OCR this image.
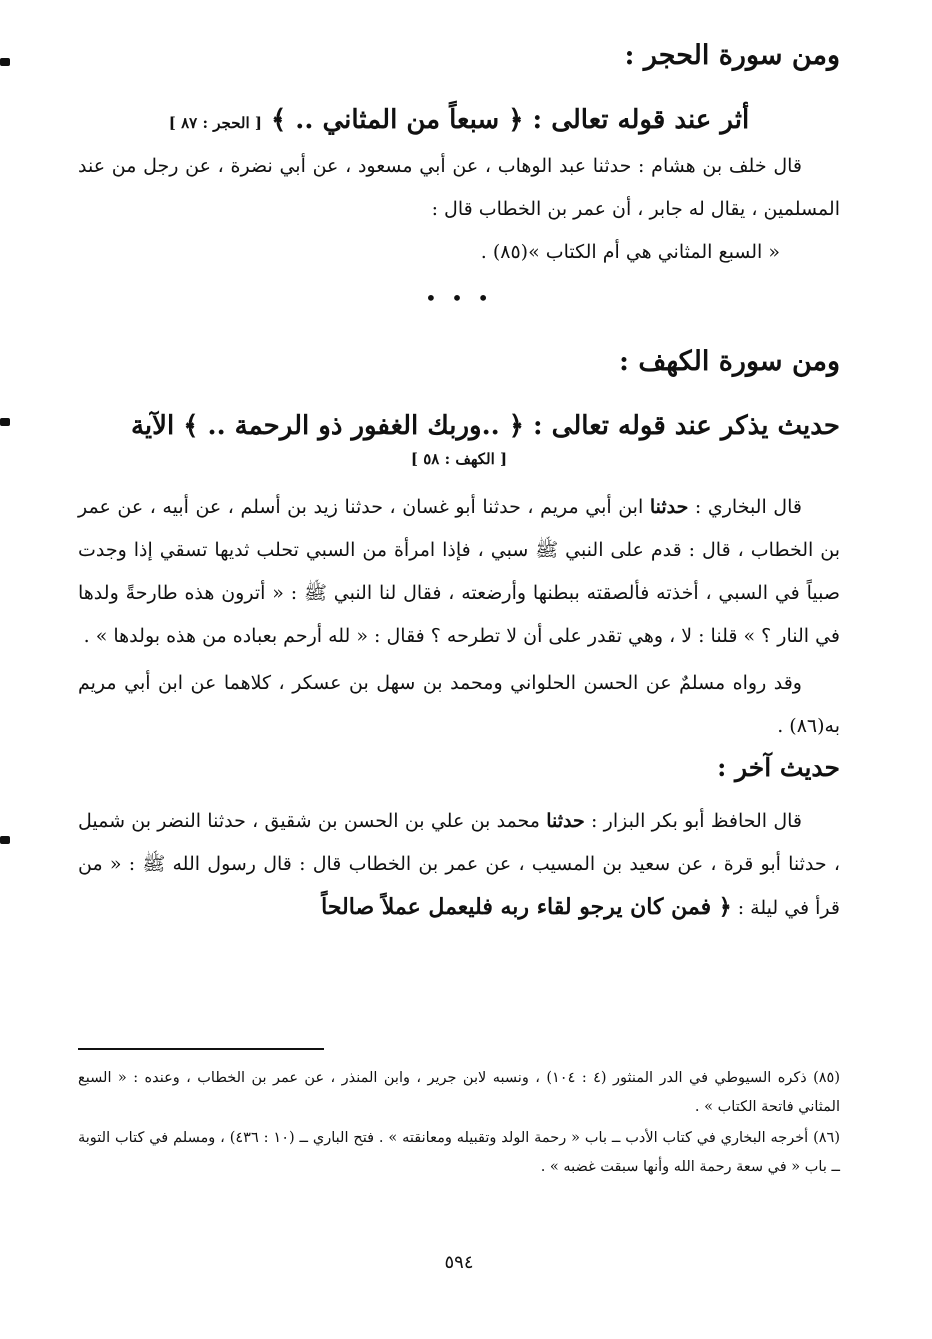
ومن سورة الحجر :
أثر عند قوله تعالى : ﴿ سبعاً من المثاني .. ﴾ [ الحجر : ٨٧ ]

قال خلف بن هشام : حدثنا عبد الوهاب ، عن أبي مسعود ، عن أبي نضرة ، عن رجل من عند المسلمين ، يقال له جابر ، أن عمر بن الخطاب قال :

« السبع المثاني هي أم الكتاب »(٨٥) .

• • •

ومن سورة الكهف :
حديث يذكر عند قوله تعالى : ﴿ ..وربك الغفور ذو الرحمة .. ﴾ الآية

[ الكهف : ٥٨ ]

قال البخاري : حدثنا ابن أبي مريم ، حدثنا أبو غسان ، حدثنا زيد بن أسلم ، عن أبيه ، عن عمر بن الخطاب ، قال : قدم على النبي ﷺ سبي ، فإذا امرأة من السبي تحلب ثديها تسقي إذا وجدت صبياً في السبي ، أخذته فألصقته ببطنها وأرضعته ، فقال لنا النبي ﷺ : « أترون هذه طارحةً ولدها في النار ؟ » قلنا : لا ، وهي تقدر على أن لا تطرحه ؟ فقال : « لله أرحم بعباده من هذه بولدها » .

وقد رواه مسلمٌ عن الحسن الحلواني ومحمد بن سهل بن عسكر ، كلاهما عن ابن أبي مريم به(٨٦) .

حديث آخر :

قال الحافظ أبو بكر البزار : حدثنا محمد بن علي بن الحسن بن شقيق ، حدثنا النضر بن شميل ، حدثنا أبو قرة ، عن سعيد بن المسيب ، عن عمر بن الخطاب قال : قال رسول الله ﷺ : « من قرأ في ليلة : ﴿ فمن كان يرجو لقاء ربه فليعمل عملاً صالحاً

(٨٥) ذكره السيوطي في الدر المنثور (٤ : ١٠٤) ، ونسبه لابن جرير ، وابن المنذر ، عن عمر بن الخطاب ، وعنده : « السبع المثاني فاتحة الكتاب » .

(٨٦) أخرجه البخاري في كتاب الأدب ــ باب « رحمة الولد وتقبيله ومعانقته » . فتح الباري ــ (١٠ : ٤٣٦) ، ومسلم في كتاب التوبة ــ باب « في سعة رحمة الله وأنها سبقت غضبه » .

٥٩٤
